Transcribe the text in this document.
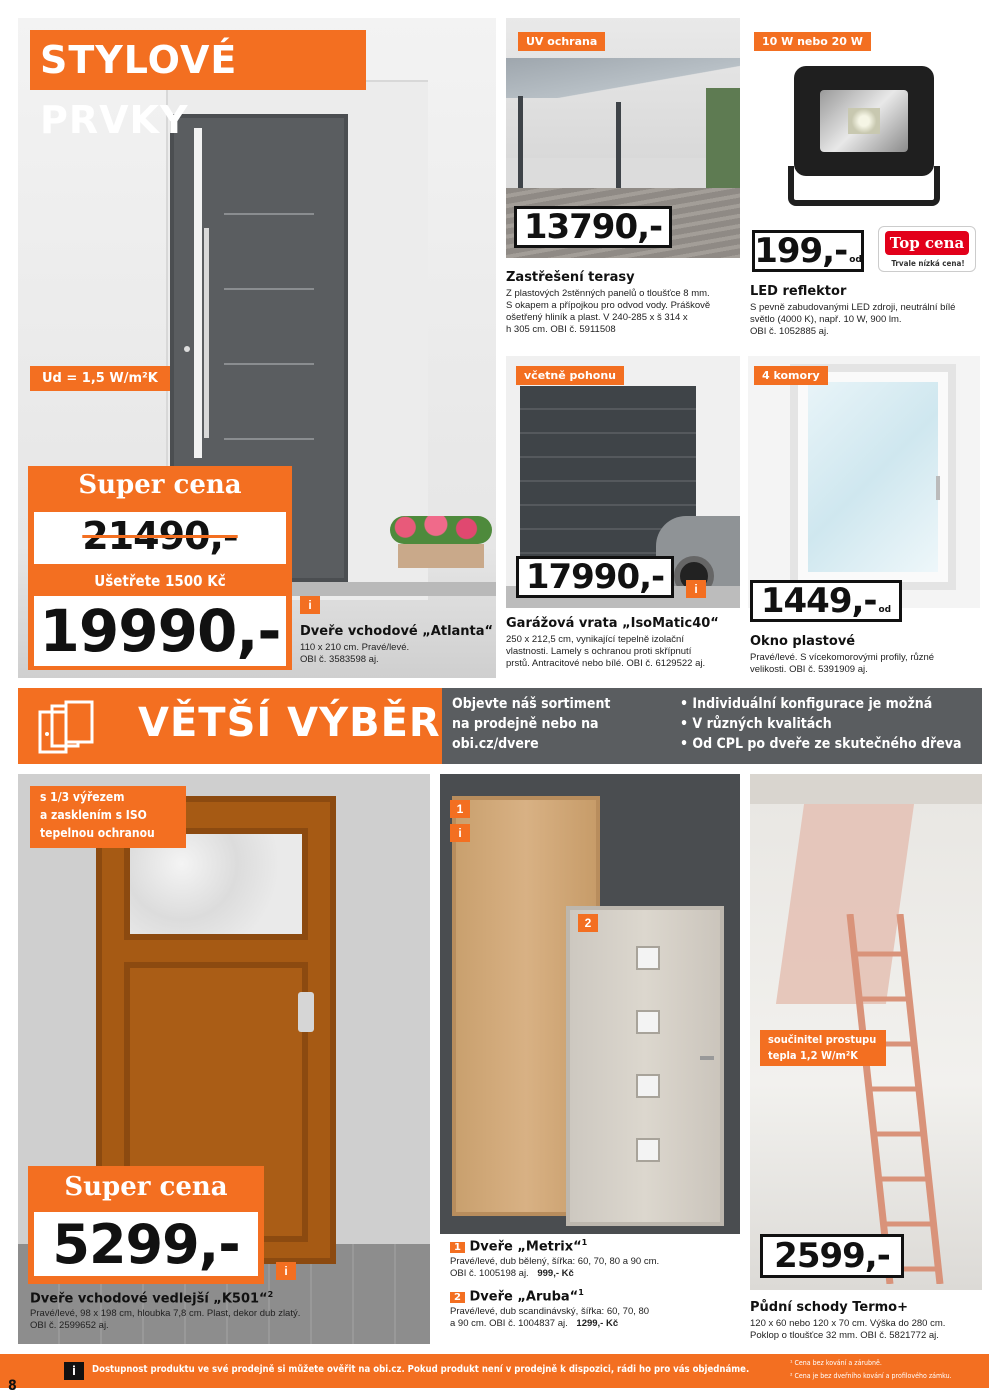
STYLOVÉ PRVKY
Ud = 1,5 W/m²K
Super cena
21490,-
Ušetřete 1500 Kč
19990,-	i
Dveře vchodové „Atlanta“
110 x 210 cm. Pravé/levé.
OBI č. 3583598 aj.
UV ochrana
13790,-
Zastřešení terasy
Z plastových 2stěnných panelů o tloušťce 8 mm.
S okapem a přípojkou pro odvod vody. Práškově
ošetřený hliník a plast. V 240-285 x š 314 x
h 305 cm. OBI č. 5911508
10 W nebo 20 W
199,- od
Top cena
Trvale nízká cena!
LED reflektor
S pevně zabudovanými LED zdroji, neutrální bílé
světlo (4000 K), např. 10 W, 900 lm.
OBI č. 1052885 aj.
včetně pohonu
17990,-	i
Garážová vrata „IsoMatic40“
250 x 212,5 cm, vynikající tepelně izolační
vlastnosti. Lamely s ochranou proti skřípnutí
prstů. Antracitové nebo bílé. OBI č. 6129522 aj.
4 komory
1449,- od
Okno plastové
Pravé/levé. S vícekomorovými profily, různé
velikosti. OBI č. 5391909 aj.
VĚTŠÍ VÝBĚR Objevte náš sortiment
na prodejně nebo na
obi.cz/dvere
• Individuální konfigurace je možná
• V různých kvalitách
• Od CPL po dveře ze skutečného dřeva
s 1/3 výřezem
a zasklením s ISO
tepelnou ochranou
Super cena
5299,-	i
Dveře vchodové vedlejší „K501“$^2$
Pravé/levé, 98 x 198 cm, hloubka 7,8 cm. Plast, dekor dub zlatý.
OBI č. 2599652 aj.
1
i
2
1 Dveře „Metrix“$^1$
Pravé/levé, dub bělený, šířka: 60, 70, 80 a 90 cm.
OBI č. 1005198 aj. 999,- Kč
2 Dveře „Aruba“$^1$
Pravé/levé, dub scandinávský, šířka: 60, 70, 80
a 90 cm. OBI č. 1004837 aj. 1299,- Kč
součinitel prostupu
tepla 1,2 W/m²K
2599,-
Půdní schody Termo+
120 x 60 nebo 120 x 70 cm. Výška do 280 cm.
Poklop o tloušťce 32 mm. OBI č. 5821772 aj.
8
i	Dostupnost produktu ve své prodejně si můžete ověřit na obi.cz. Pokud produkt není v prodejně k dispozici, rádi ho pro vás objednáme.
¹ Cena bez kování a zárubně.
² Cena je bez dveřního kování a profilového zámku.
